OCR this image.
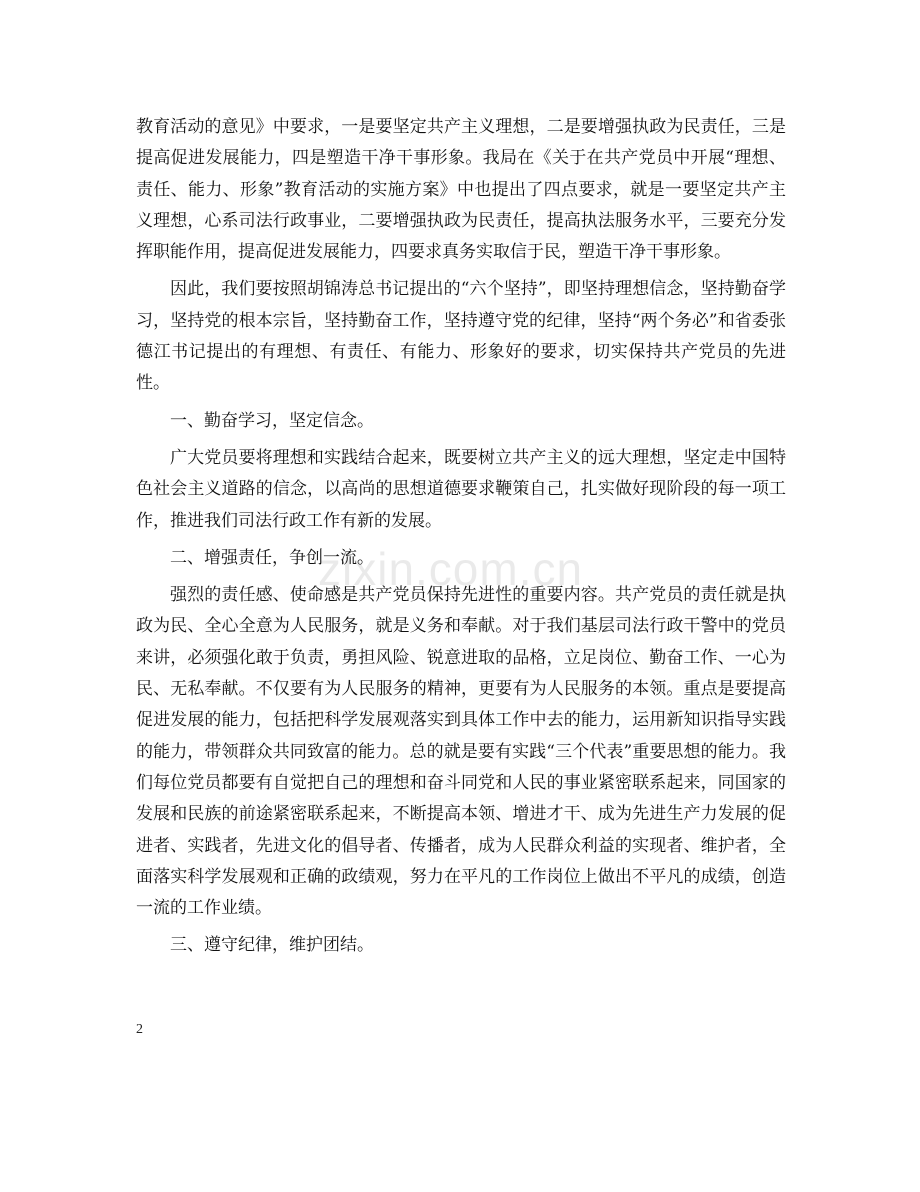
教育活动的意见》中要求，一是要坚定共产主义理想，二是要增强执政为民责任，三是提高促进发展能力，四是塑造干净干事形象。我局在《关于在共产党员中开展“理想、责任、能力、形象”教育活动的实施方案》中也提出了四点要求，就是一要坚定共产主义理想，心系司法行政事业，二要增强执政为民责任，提高执法服务水平，三要充分发挥职能作用，提高促进发展能力，四要求真务实取信于民，塑造干净干事形象。

因此，我们要按照胡锦涛总书记提出的“六个坚持”，即坚持理想信念，坚持勤奋学习，坚持党的根本宗旨，坚持勤奋工作，坚持遵守党的纪律，坚持“两个务必”和省委张德江书记提出的有理想、有责任、有能力、形象好的要求，切实保持共产党员的先进性。

一、勤奋学习，坚定信念。

广大党员要将理想和实践结合起来，既要树立共产主义的远大理想，坚定走中国特色社会主义道路的信念，以高尚的思想道德要求鞭策自己，扎实做好现阶段的每一项工作，推进我们司法行政工作有新的发展。

二、增强责任，争创一流。

强烈的责任感、使命感是共产党员保持先进性的重要内容。共产党员的责任就是执政为民、全心全意为人民服务，就是义务和奉献。对于我们基层司法行政干警中的党员来讲，必须强化敢于负责，勇担风险、锐意进取的品格，立足岗位、勤奋工作、一心为民、无私奉献。不仅要有为人民服务的精神，更要有为人民服务的本领。重点是要提高促进发展的能力，包括把科学发展观落实到具体工作中去的能力，运用新知识指导实践的能力，带领群众共同致富的能力。总的就是要有实践“三个代表”重要思想的能力。我们每位党员都要有自觉把自己的理想和奋斗同党和人民的事业紧密联系起来，同国家的发展和民族的前途紧密联系起来，不断提高本领、增进才干、成为先进生产力发展的促进者、实践者，先进文化的倡导者、传播者，成为人民群众利益的实现者、维护者，全面落实科学发展观和正确的政绩观，努力在平凡的工作岗位上做出不平凡的成绩，创造一流的工作业绩。

三、遵守纪律，维护团结。

zixin.com.cn
2
